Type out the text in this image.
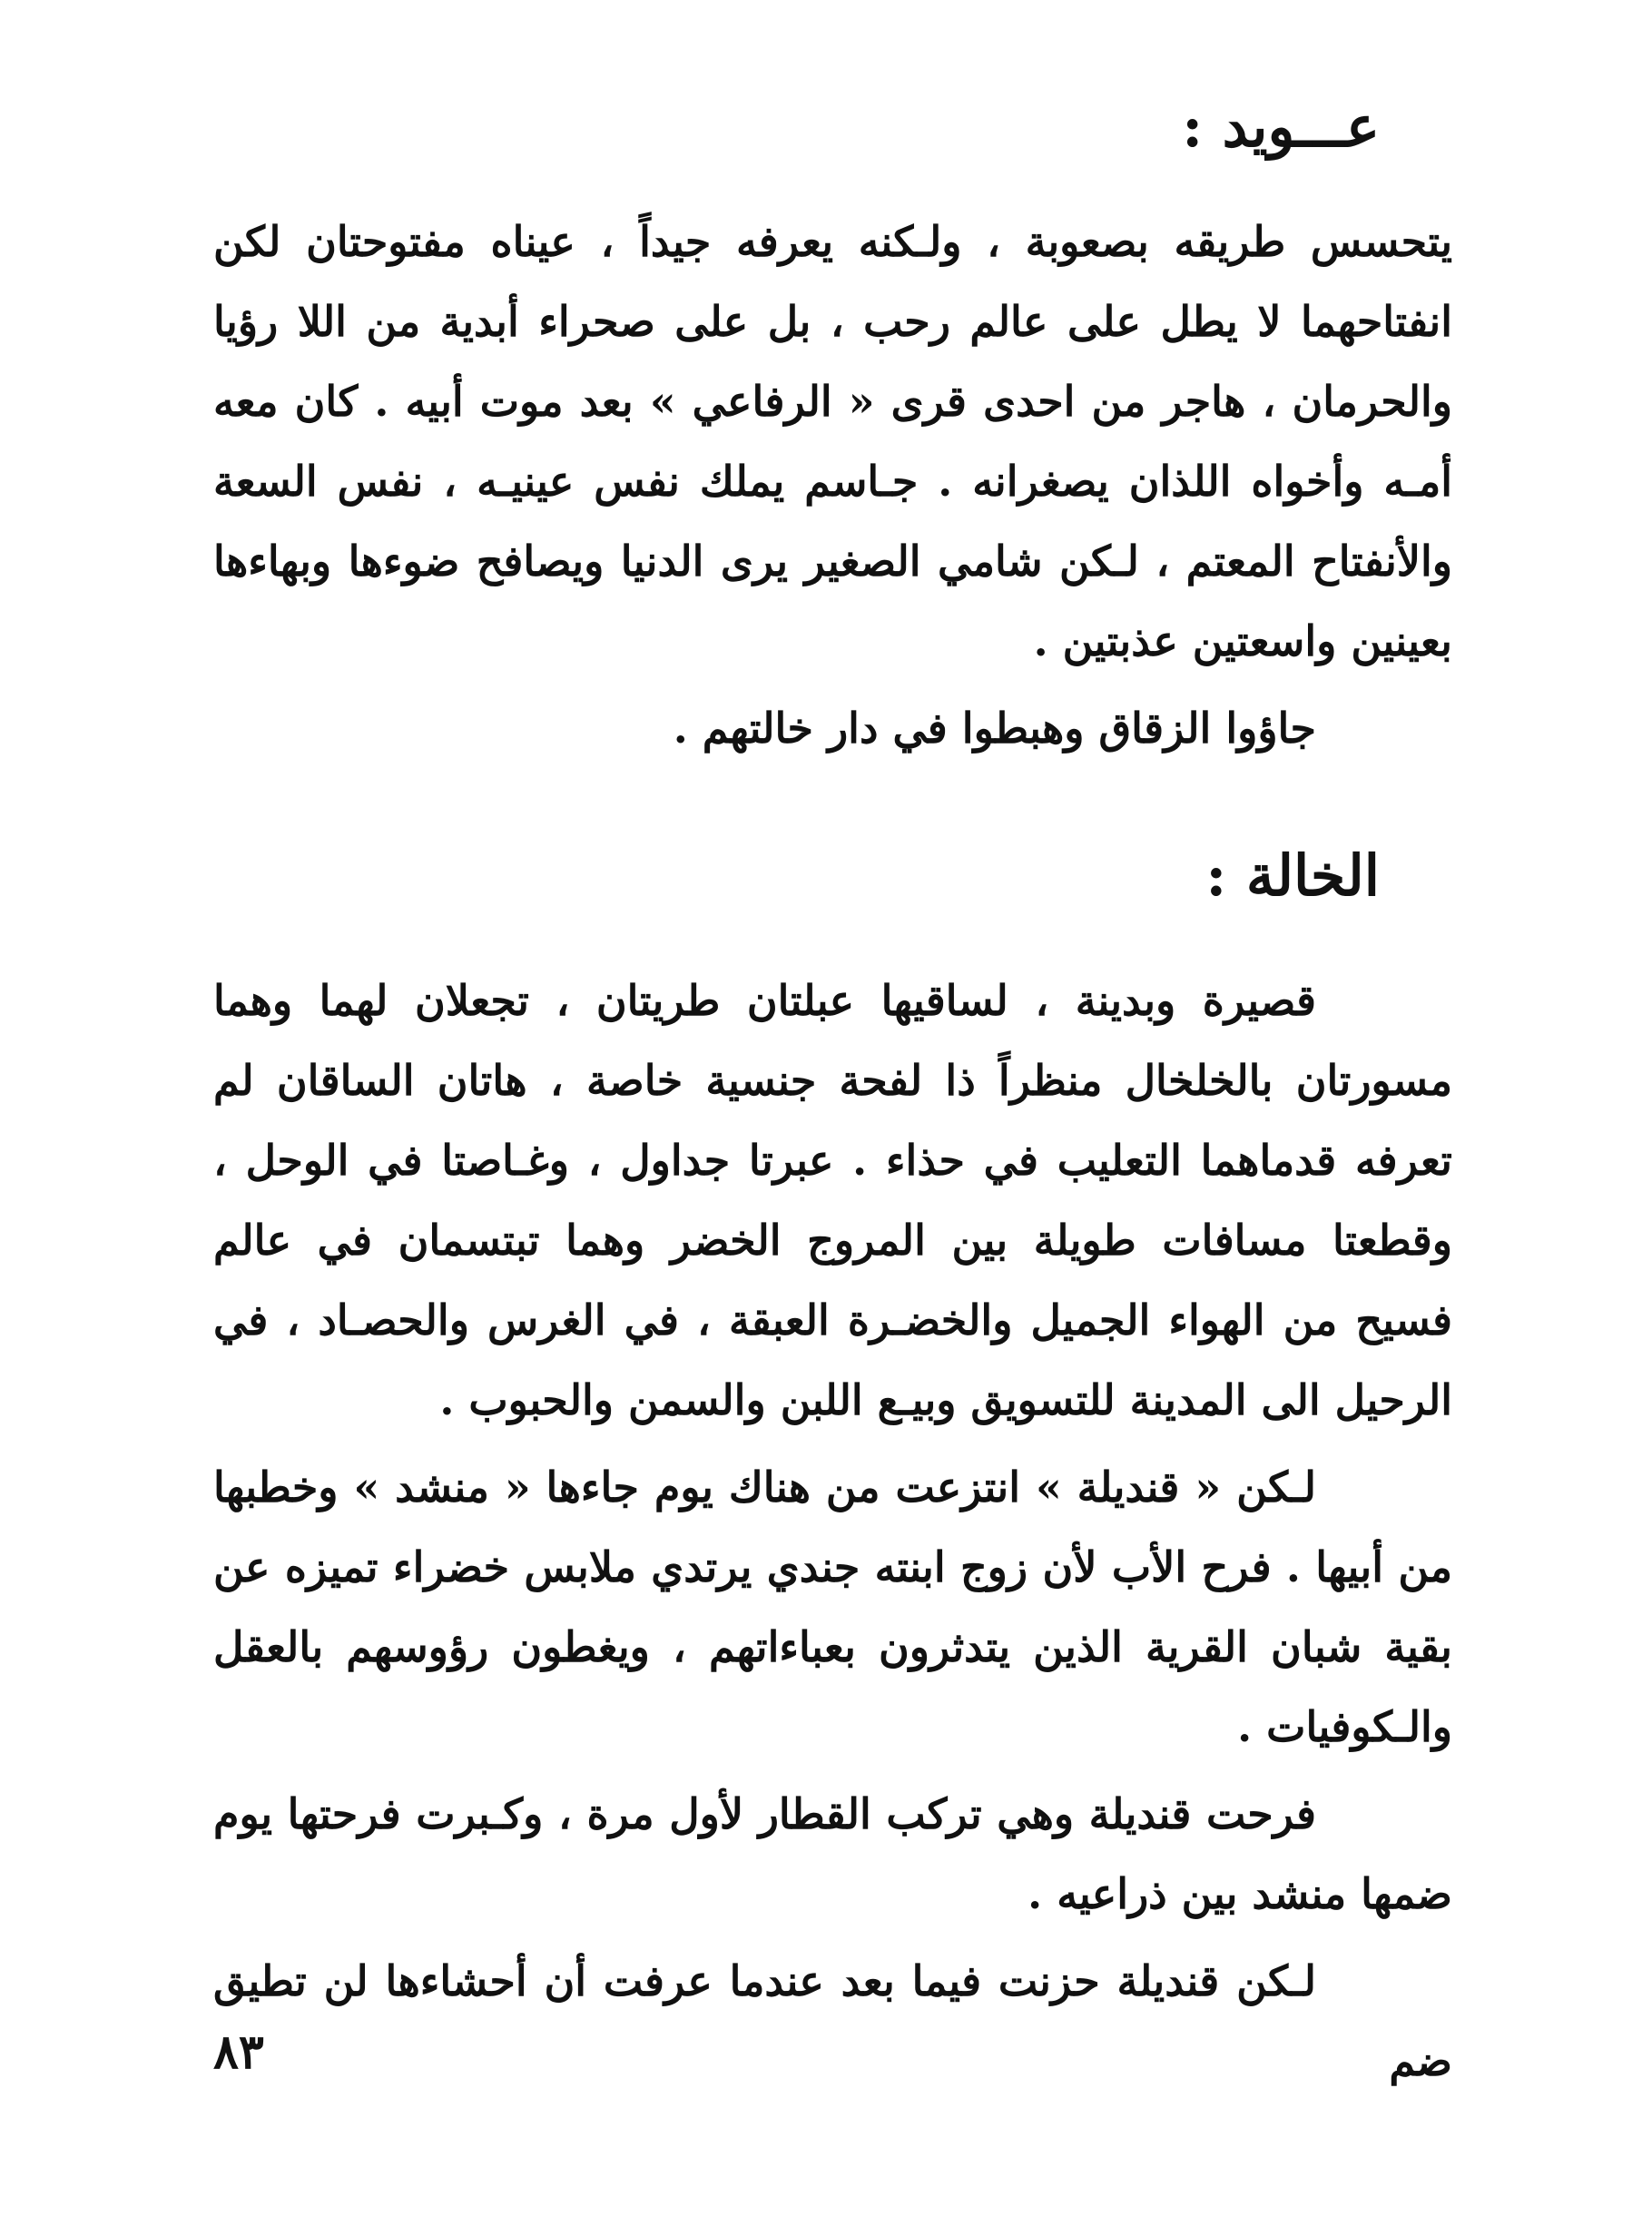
عـــويد :

يتحسس طريقه بصعوبة ، ولـكنه يعرفه جيداً ، عيناه مفتوحتان لكن انفتاحهما لا يطل على عالم رحب ، بل على صحراء أبدية من اللا رؤيا والحرمان ، هاجر من احدى قرى « الرفاعي » بعد موت أبيه . كان معه أمـه وأخواه اللذان يصغرانه . جـاسم يملك نفس عينيـه ، نفس السعة والأنفتاح المعتم ، لـكن شامي الصغير يرى الدنيا ويصافح ضوءها وبهاءها بعينين واسعتين عذبتين .

جاؤوا الزقاق وهبطوا في دار خالتهم .

الخالة :

قصيرة وبدينة ، لساقيها عبلتان طريتان ، تجعلان لهما وهما مسورتان بالخلخال منظراً ذا لفحة جنسية خاصة ، هاتان الساقان لم تعرفه قدماهما التعليب في حذاء . عبرتا جداول ، وغـاصتا في الوحل ، وقطعتا مسافات طويلة بين المروج الخضر وهما تبتسمان في عالم فسيح من الهواء الجميل والخضـرة العبقة ، في الغرس والحصـاد ، في الرحيل الى المدينة للتسويق وبيـع اللبن والسمن والحبوب .

لـكن « قنديلة » انتزعت من هناك يوم جاءها « منشد » وخطبها من أبيها . فرح الأب لأن زوج ابنته جندي يرتدي ملابس خضراء تميزه عن بقية شبان القرية الذين يتدثرون بعباءاتهم ، ويغطون رؤوسهم بالعقل والـكوفيات .

فرحت قنديلة وهي تركب القطار لأول مرة ، وكـبرت فرحتها يوم ضمها منشد بين ذراعيه .

لـكن قنديلة حزنت فيما بعد عندما عرفت أن أحشاءها لن تطيق ضم

٨٣
